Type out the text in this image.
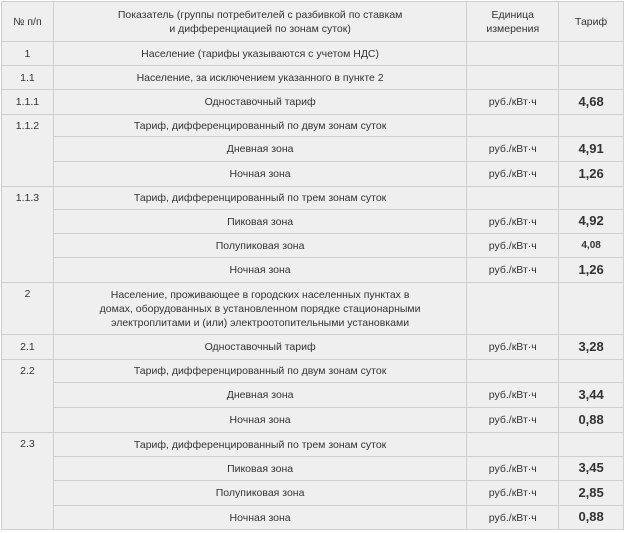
№ п/п	Показатель (группы потребителей с разбивкой по ставкам и дифференциацией по зонам суток)	Единица измерения	Тариф
1	Население (тарифы указываются с учетом НДС)		
1.1	Население, за исключением указанного в пункте 2		
1.1.1	Одноставочный тариф	руб./кВт·ч	4,68
1.1.2	Тариф, дифференцированный по двум зонам суток		
	Дневная зона	руб./кВт·ч	4,91
	Ночная зона	руб./кВт·ч	1,26
1.1.3	Тариф, дифференцированный по трем зонам суток		
	Пиковая зона	руб./кВт·ч	4,92
	Полупиковая зона	руб./кВт·ч	4,08
	Ночная зона	руб./кВт·ч	1,26
2	Население, проживающее в городских населенных пунктах в домах, оборудованных в установленном порядке стационарными электроплитами и (или) электроотопительными установками		
2.1	Одноставочный тариф	руб./кВт·ч	3,28
2.2	Тариф, дифференцированный по двум зонам суток		
	Дневная зона	руб./кВт·ч	3,44
	Ночная зона	руб./кВт·ч	0,88
2.3	Тариф, дифференцированный по трем зонам суток		
	Пиковая зона	руб./кВт·ч	3,45
	Полупиковая зона	руб./кВт·ч	2,85
	Ночная зона	руб./кВт·ч	0,88
